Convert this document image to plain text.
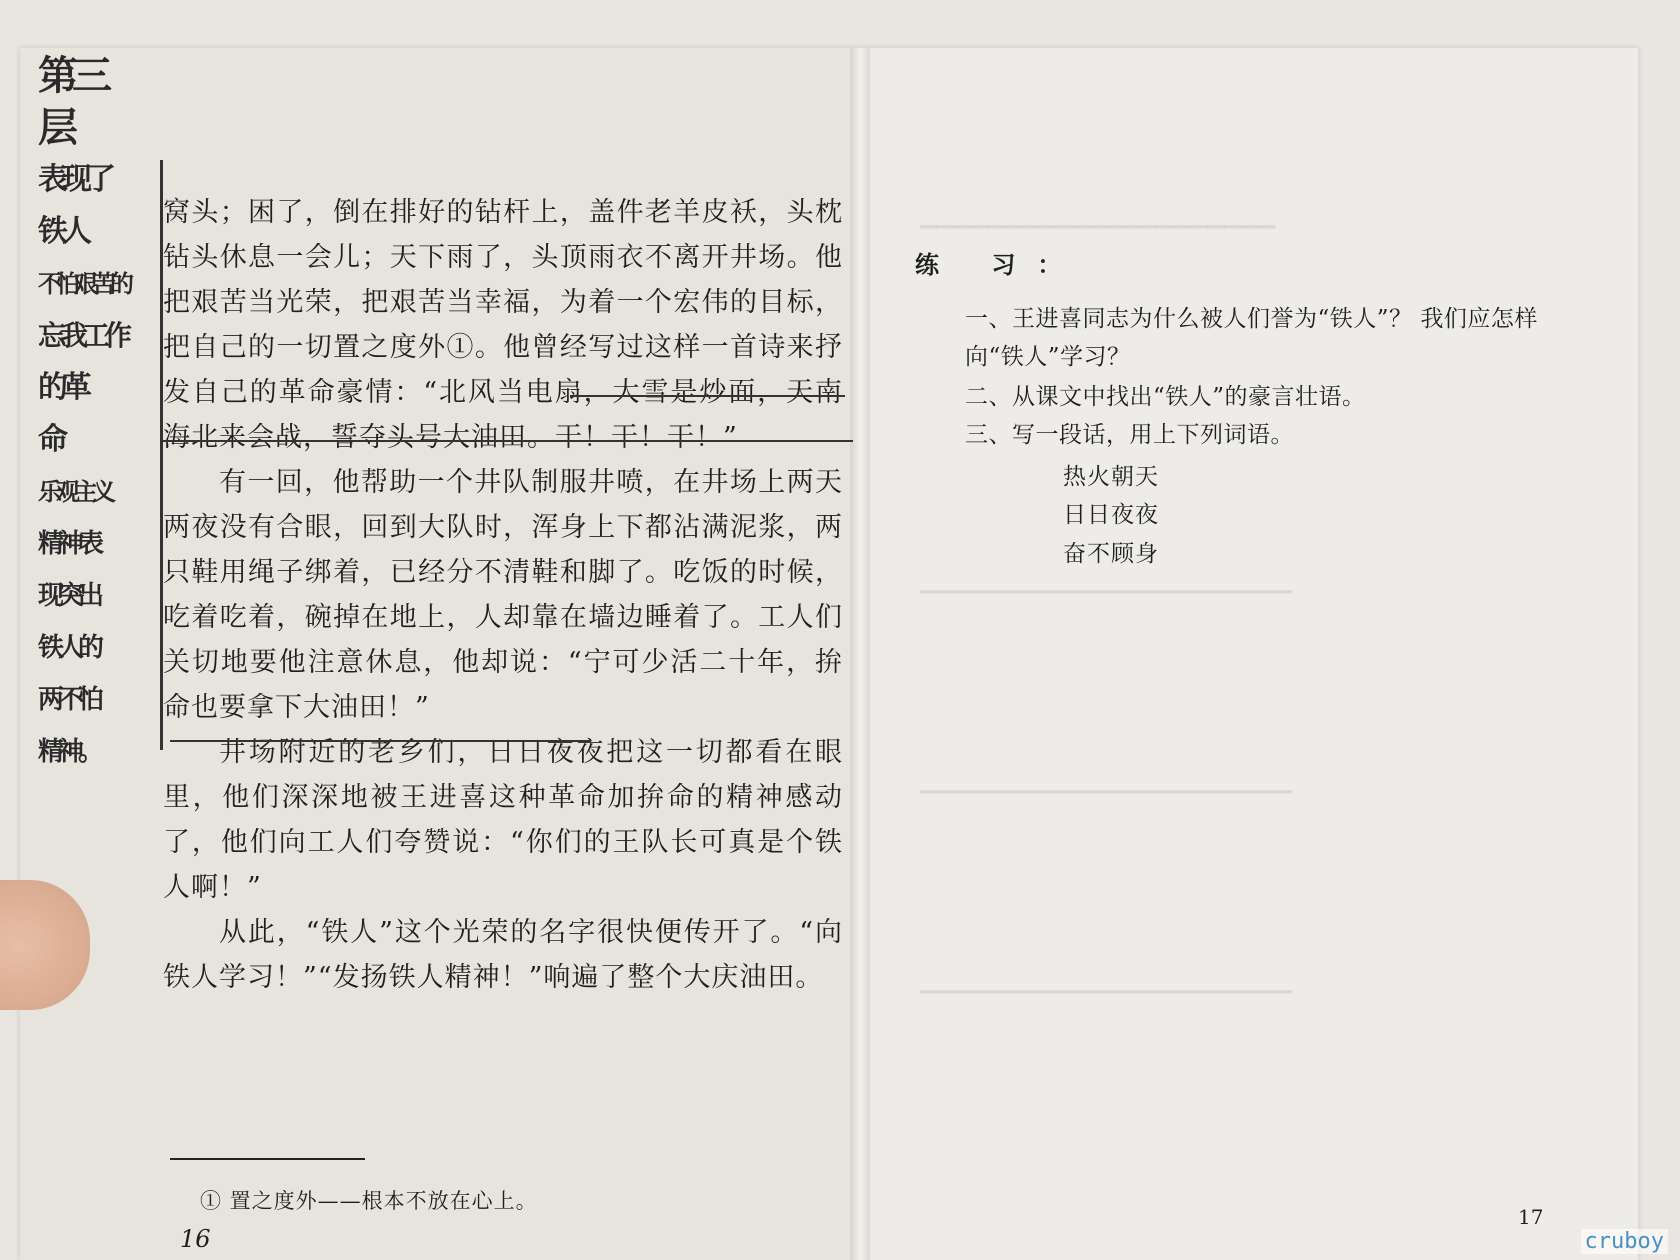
▁▁▁▁▁▁▁▁▁▁▁▁▁▁▁▁▁▁▁▁▁
▁▁▁▁▁▁▁▁▁▁▁▁▁▁▁▁▁▁▁▁▁▁
▁▁▁▁▁▁▁▁▁▁▁▁▁▁▁▁▁▁▁▁▁▁
▁▁▁▁▁▁▁▁▁▁▁▁▁▁▁▁▁▁▁▁▁▁
第三
层
表现了
铁人
不怕艰苦的
忘我工作
的革
命
乐观主义
精神表
现突出
铁人的
两不怕
精神。

窝头；困了，倒在排好的钻杆上，盖件老羊皮袄，头枕钻头休息一会儿；天下雨了，头顶雨衣不离开井场。他把艰苦当光荣，把艰苦当幸福，为着一个宏伟的目标，把自己的一切置之度外①。他曾经写过这样一首诗来抒发自己的革命豪情：“北风当电扇，大雪是炒面，天南海北来会战，誓夺头号大油田。干！干！干！”

有一回，他帮助一个井队制服井喷，在井场上两天两夜没有合眼，回到大队时，浑身上下都沾满泥浆，两只鞋用绳子绑着，已经分不清鞋和脚了。吃饭的时候，吃着吃着，碗掉在地上，人却靠在墙边睡着了。工人们关切地要他注意休息，他却说：“宁可少活二十年，拚命也要拿下大油田！”

井场附近的老乡们，日日夜夜把这一切都看在眼里，他们深深地被王进喜这种革命加拚命的精神感动了，他们向工人们夸赞说：“你们的王队长可真是个铁人啊！”

从此，“铁人”这个光荣的名字很快便传开了。“向铁人学习！”“发扬铁人精神！”响遍了整个大庆油田。

① 置之度外——根本不放在心上。
16
练 习：
一、王进喜同志为什么被人们誉为“铁人”？ 我们应怎样向“铁人”学习？
二、从课文中找出“铁人”的豪言壮语。
三、写一段话，用上下列词语。
热火朝天
日日夜夜
奋不顾身
17
cruboy
